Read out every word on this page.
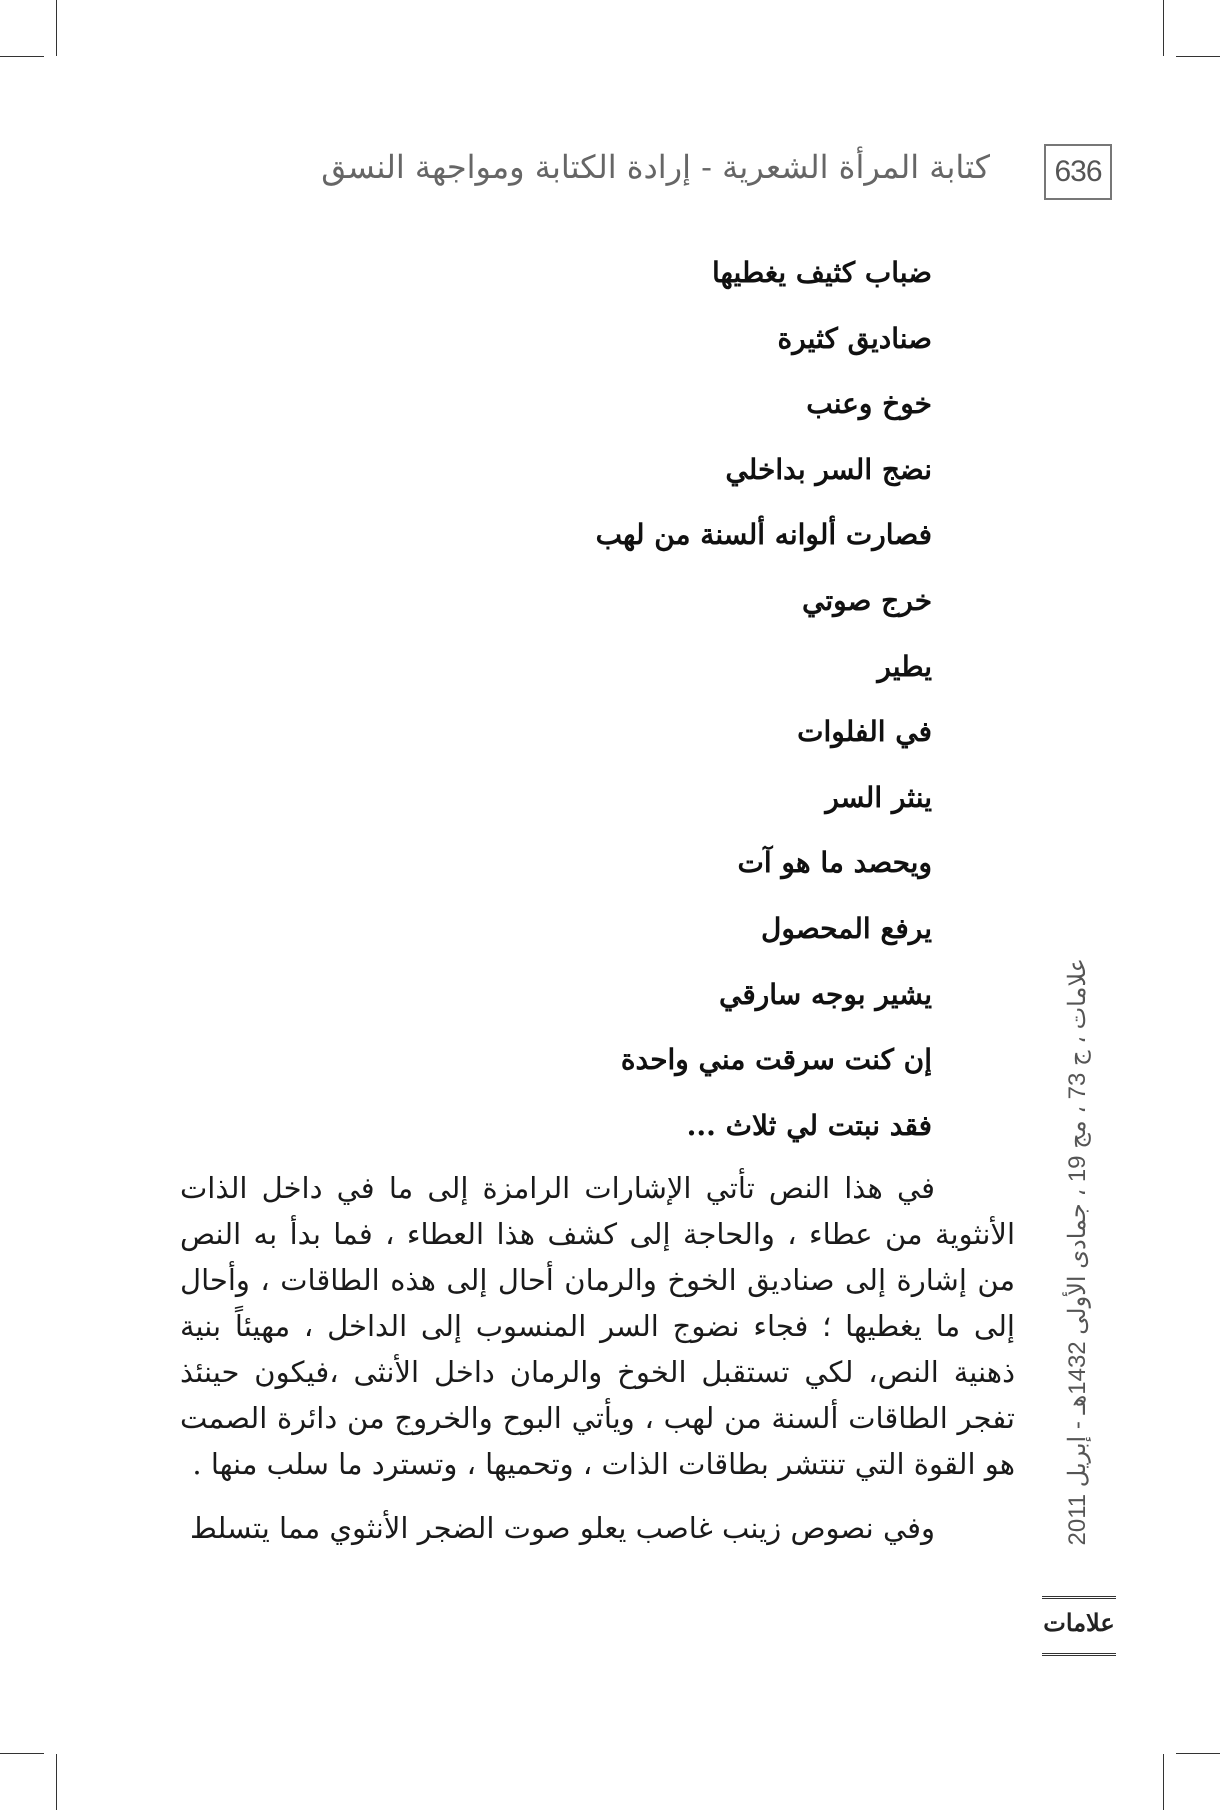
636
كتابة المرأة الشعرية - إرادة الكتابة ومواجهة النسق
ضباب كثيف يغطيها
صناديق كثيرة
خوخ وعنب
نضج السر بداخلي
فصارت ألوانه ألسنة من لهب
خرج صوتي
يطير
في الفلوات
ينثر السر
ويحصد ما هو آت
يرفع المحصول
يشير بوجه سارقي
إن كنت سرقت مني واحدة
فقد نبتت لي ثلاث ...

في هذا النص تأتي الإشارات الرامزة إلى ما في داخل الذات الأنثوية من عطاء ، والحاجة إلى كشف هذا العطاء ، فما بدأ به النص من إشارة إلى صناديق الخوخ والرمان أحال إلى هذه الطاقات ، وأحال إلى ما يغطيها ؛ فجاء نضوج السر المنسوب إلى الداخل ، مهيئاً بنية ذهنية النص، لكي تستقبل الخوخ والرمان داخل الأنثى ،فيكون حينئذ تفجر الطاقات ألسنة من لهب ، ويأتي البوح والخروج من دائرة الصمت هو القوة التي تنتشر بطاقات الذات ، وتحميها ، وتسترد ما سلب منها .

وفي نصوص زينب غاصب يعلو صوت الضجر الأنثوي مما يتسلط	علامات ، ج 73 ، مج 19 ، جمادى الأولى 1432هـ - إبريل 2011
علامات
